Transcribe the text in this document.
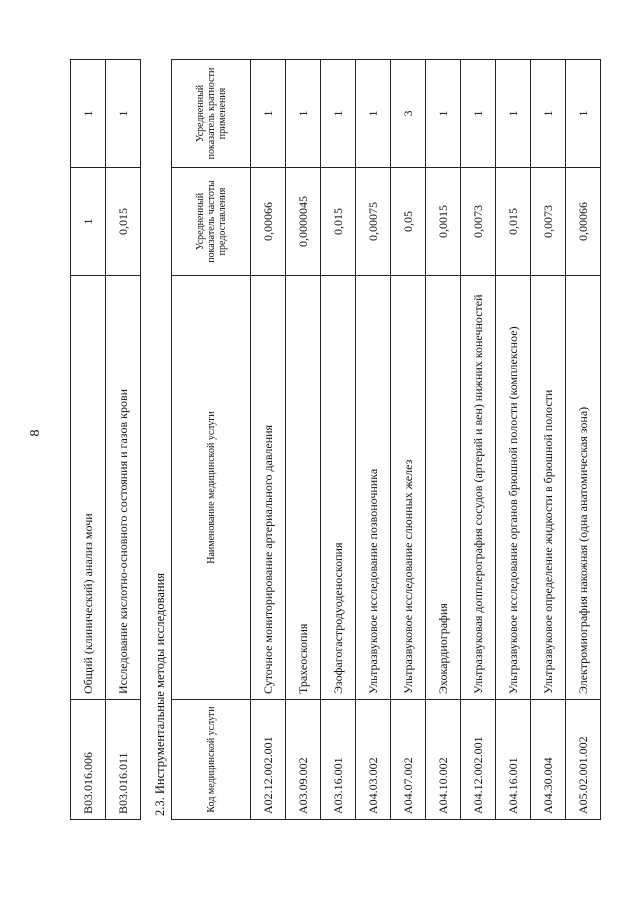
8
B03.016.006	Общий (клинический) анализ мочи	1	1
B03.016.011	Исследование кислотно-основного состояния и газов крови	0,015	1
2.3. Инструментальные методы исследования	Код медицинской услуги	Наименование медицинской услуги	Усредненный показатель частоты предоставления	Усредненный показатель кратности применения
A02.12.002.001	Суточное мониторирование артериального давления	0,00066	1
A03.09.002	Трахеоскопия	0,0000045	1
A03.16.001	Эзофагогастродуоденоскопия	0,015	1
A04.03.002	Ультразвуковое исследование позвоночника	0,00075	1
A04.07.002	Ультразвуковое исследование слюнных желез	0,05	3
A04.10.002	Эхокардиография	0,0015	1
A04.12.002.001	Ультразвуковая допплерография сосудов (артерий и вен) нижних конечностей	0,0073	1
A04.16.001	Ультразвуковое исследование органов брюшной полости (комплексное)	0,015	1
A04.30.004	Ультразвуковое определение жидкости в брюшной полости	0,0073	1
A05.02.001.002	Электромиография накожная (одна анатомическая зона)	0,00066	1
